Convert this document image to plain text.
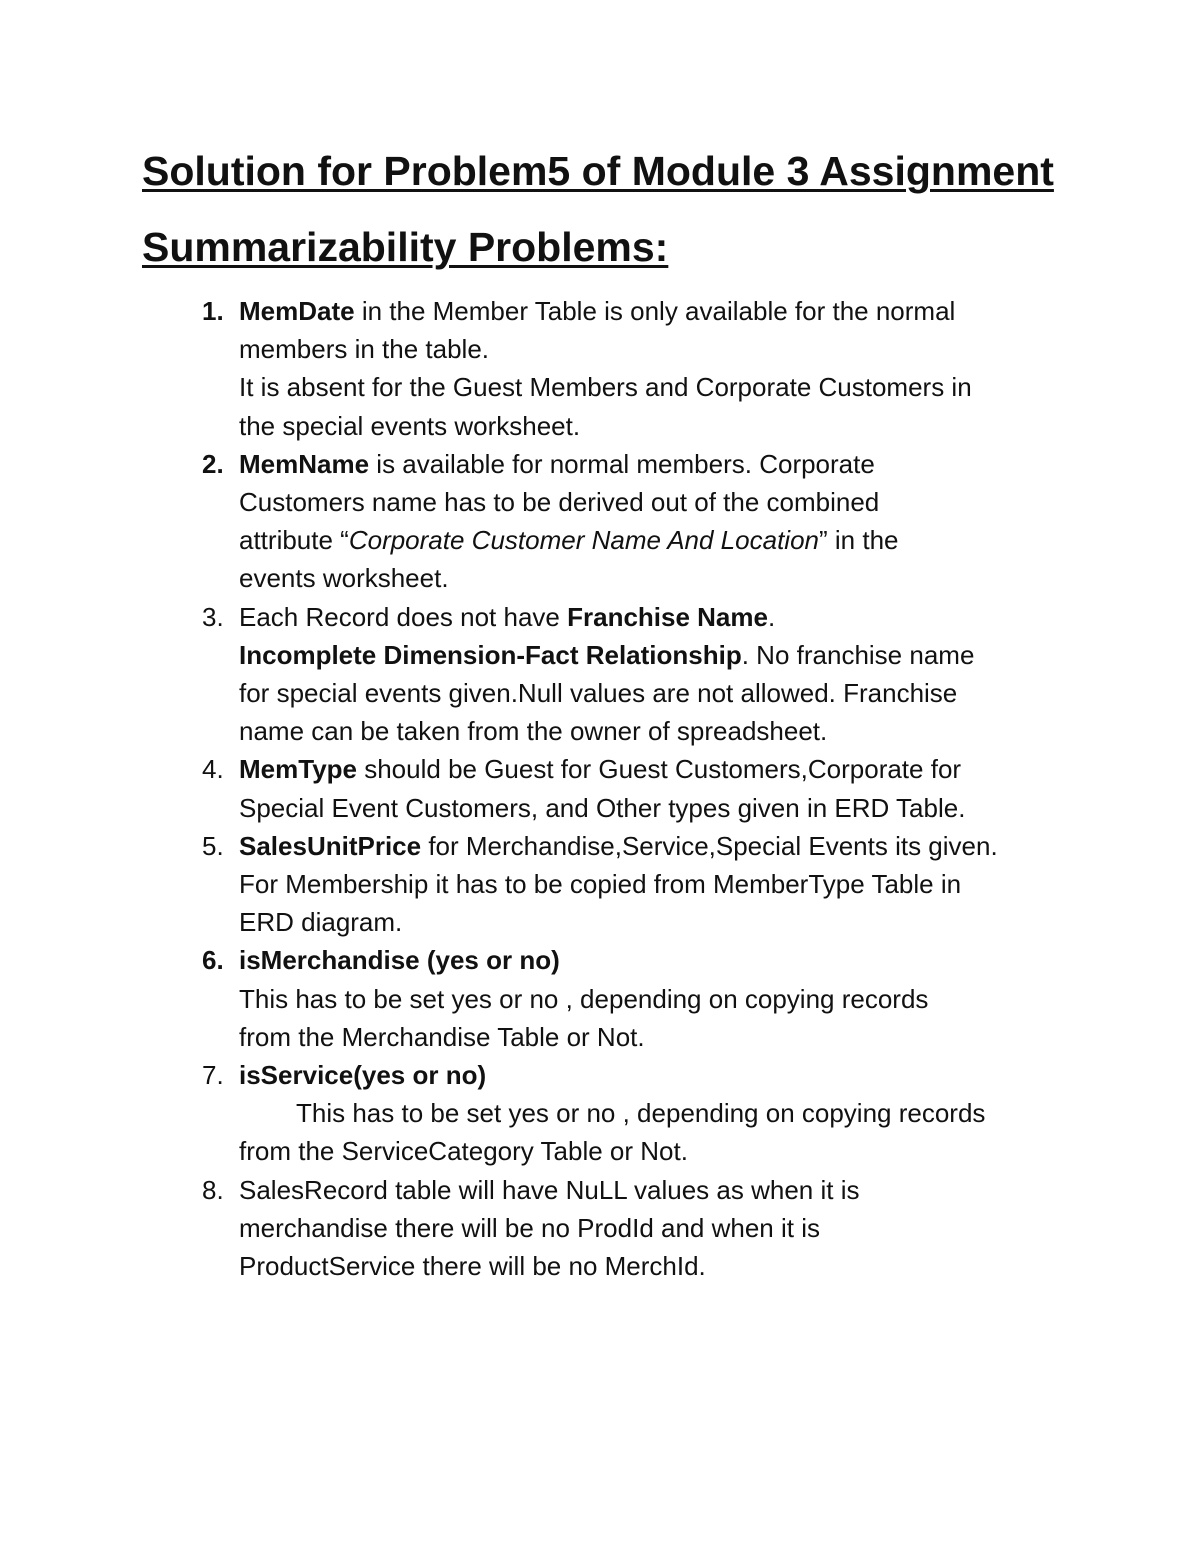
Solution for Problem5 of Module 3 Assignment
Summarizability Problems:
1. MemDate in the Member Table is only available for the normal
members in the table.
It is absent for the Guest Members and Corporate Customers in
the special events worksheet.
2. MemName is available for normal members. Corporate
Customers name has to be derived out of the combined
attribute “Corporate Customer Name And Location” in the
events worksheet.
3. Each Record does not have Franchise Name.
Incomplete Dimension-Fact Relationship. No franchise name
for special events given.Null values are not allowed. Franchise
name can be taken from the owner of spreadsheet.
4. MemType should be Guest for Guest Customers,Corporate for
Special Event Customers, and Other types given in ERD Table.
5. SalesUnitPrice for Merchandise,Service,Special Events its given.
For Membership it has to be copied from MemberType Table in
ERD diagram.
6. isMerchandise (yes or no)
This has to be set yes or no , depending on copying records
from the Merchandise Table or Not.
7. isService(yes or no)
This has to be set yes or no , depending on copying records
from the ServiceCategory Table or Not.
8. SalesRecord table will have NuLL values as when it is
merchandise there will be no ProdId and when it is
ProductService there will be no MerchId.
